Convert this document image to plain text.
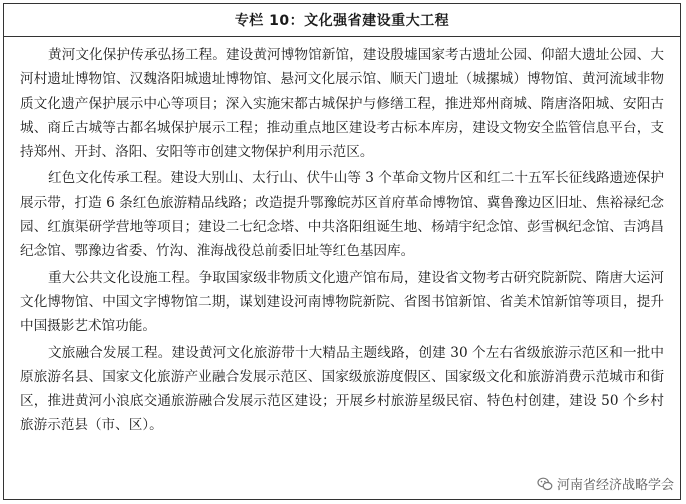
专栏 10：文化强省建设重大工程

黄河文化保护传承弘扬工程。建设黄河博物馆新馆，建设殷墟国家考古遗址公园、仰韶大遗址公园、大河村遗址博物馆、汉魏洛阳城遗址博物馆、悬河文化展示馆、顺天门遗址（城摞城）博物馆、黄河流域非物质文化遗产保护展示中心等项目；深入实施宋都古城保护与修缮工程，推进郑州商城、隋唐洛阳城、安阳古城、商丘古城等古都名城保护展示工程；推动重点地区建设考古标本库房，建设文物安全监管信息平台，支持郑州、开封、洛阳、安阳等市创建文物保护利用示范区。

红色文化传承工程。建设大别山、太行山、伏牛山等 3 个革命文物片区和红二十五军长征线路遗迹保护展示带，打造 6 条红色旅游精品线路；改造提升鄂豫皖苏区首府革命博物馆、冀鲁豫边区旧址、焦裕禄纪念园、红旗渠研学营地等项目；建设二七纪念塔、中共洛阳组诞生地、杨靖宇纪念馆、彭雪枫纪念馆、吉鸿昌纪念馆、鄂豫边省委、竹沟、淮海战役总前委旧址等红色基因库。

重大公共文化设施工程。争取国家级非物质文化遗产馆布局，建设省文物考古研究院新院、隋唐大运河文化博物馆、中国文字博物馆二期，谋划建设河南博物院新院、省图书馆新馆、省美术馆新馆等项目，提升中国摄影艺术馆功能。

文旅融合发展工程。建设黄河文化旅游带十大精品主题线路，创建 30 个左右省级旅游示范区和一批中原旅游名县、国家文化旅游产业融合发展示范区、国家级旅游度假区、国家级文化和旅游消费示范城市和街区，推进黄河小浪底交通旅游融合发展示范区建设；开展乡村旅游星级民宿、特色村创建，建设 50 个乡村旅游示范县（市、区）。

河南省经济战略学会
